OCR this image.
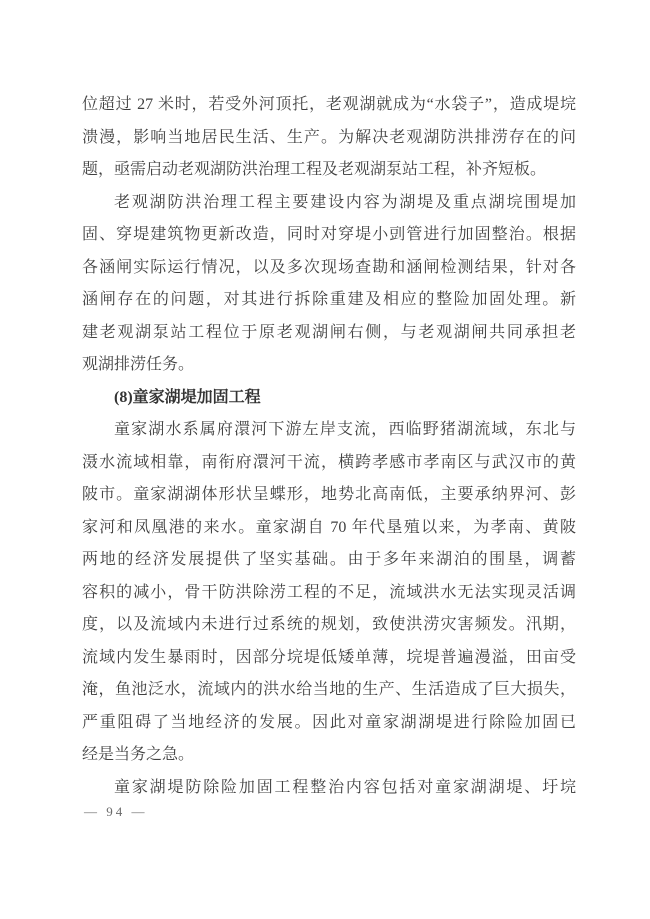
位超过 27 米时，若受外河顶托，老观湖就成为“水袋子”，造成堤垸
溃漫，影响当地居民生活、生产。为解决老观湖防洪排涝存在的问
题，亟需启动老观湖防洪治理工程及老观湖泵站工程，补齐短板。
老观湖防洪治理工程主要建设内容为湖堤及重点湖垸围堤加
固、穿堤建筑物更新改造，同时对穿堤小剅管进行加固整治。根据
各涵闸实际运行情况，以及多次现场查勘和涵闸检测结果，针对各
涵闸存在的问题，对其进行拆除重建及相应的整险加固处理。新
建老观湖泵站工程位于原老观湖闸右侧，与老观湖闸共同承担老
观湖排涝任务。
(8)童家湖堤加固工程
童家湖水系属府澴河下游左岸支流，西临野猪湖流域，东北与
滠水流域相靠，南衔府澴河干流，横跨孝感市孝南区与武汉市的黄
陂市。童家湖湖体形状呈蝶形，地势北高南低，主要承纳界河、彭
家河和凤凰港的来水。童家湖自 70 年代垦殖以来，为孝南、黄陂
两地的经济发展提供了坚实基础。由于多年来湖泊的围垦，调蓄
容积的减小，骨干防洪除涝工程的不足，流域洪水无法实现灵活调
度，以及流域内未进行过系统的规划，致使洪涝灾害频发。汛期，
流域内发生暴雨时，因部分垸堤低矮单薄，垸堤普遍漫溢，田亩受
淹，鱼池泛水，流域内的洪水给当地的生产、生活造成了巨大损失，
严重阻碍了当地经济的发展。因此对童家湖湖堤进行除险加固已
经是当务之急。
童家湖堤防除险加固工程整治内容包括对童家湖湖堤、圩垸
— 94 —
